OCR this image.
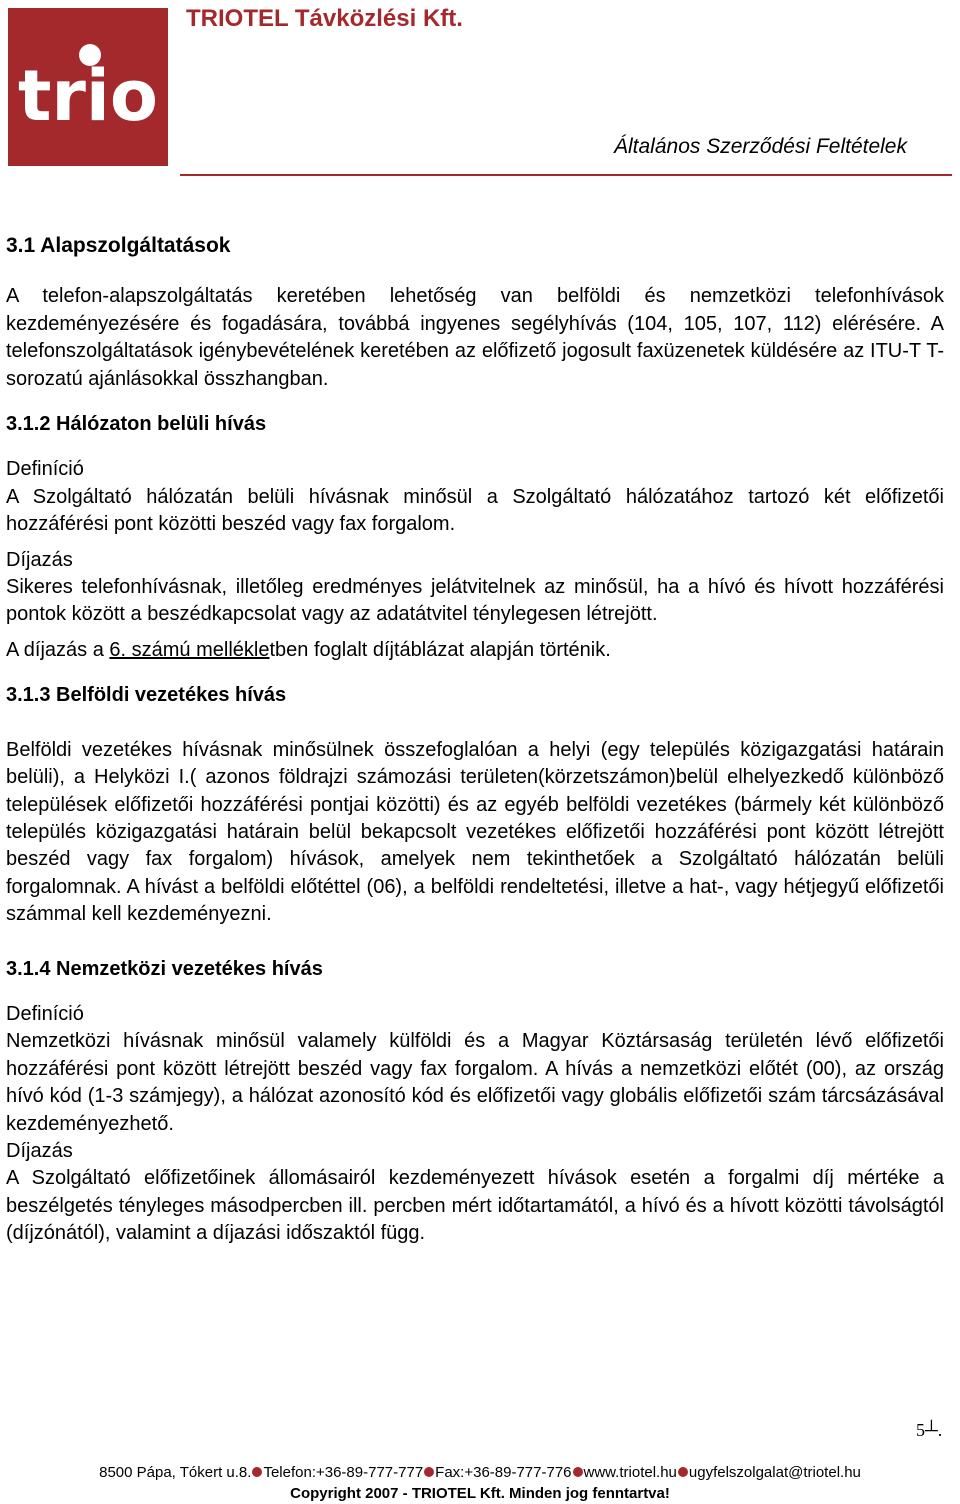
trio
TRIOTEL Távközlési Kft.
Általános Szerződési Feltételek

3.1 Alapszolgáltatások

A telefon-alapszolgáltatás keretében lehetőség van belföldi és nemzetközi telefonhívások kezdeményezésére és fogadására, továbbá ingyenes segélyhívás (104, 105, 107, 112) elérésére. A telefonszolgáltatások igénybevételének keretében az előfizető jogosult faxüzenetek küldésére az ITU-T T-sorozatú ajánlásokkal összhangban.

3.1.2 Hálózaton belüli hívás

Definíció

A Szolgáltató hálózatán belüli hívásnak minősül a Szolgáltató hálózatához tartozó két előfizetői hozzáférési pont közötti beszéd vagy fax forgalom.

Díjazás

Sikeres telefonhívásnak, illetőleg eredményes jelátvitelnek az minősül, ha a hívó és hívott hozzáférési pontok között a beszédkapcsolat vagy az adatátvitel ténylegesen létrejött.

A díjazás a 6. számú mellékletben foglalt díjtáblázat alapján történik.

3.1.3 Belföldi vezetékes hívás

Belföldi vezetékes hívásnak minősülnek összefoglalóan a helyi (egy település közigazgatási határain belüli), a Helyközi I.( azonos földrajzi számozási területen(körzetszámon)belül elhelyezkedő különböző települések előfizetői hozzáférési pontjai közötti) és az egyéb belföldi vezetékes (bármely két különböző település közigazgatási határain belül bekapcsolt vezetékes előfizetői hozzáférési pont között létrejött beszéd vagy fax forgalom) hívások, amelyek nem tekinthetőek a Szolgáltató hálózatán belüli forgalomnak. A hívást a belföldi előtéttel (06), a belföldi rendeltetési, illetve a hat-, vagy hétjegyű előfizetői számmal kell kezdeményezni.

3.1.4 Nemzetközi vezetékes hívás

Definíció

Nemzetközi hívásnak minősül valamely külföldi és a Magyar Köztársaság területén lévő előfizetői hozzáférési pont között létrejött beszéd vagy fax forgalom. A hívás a nemzetközi előtét (00), az ország hívó kód (1-3 számjegy), a hálózat azonosító kód és előfizetői vagy globális előfizetői szám tárcsázásával kezdeményezhető.

Díjazás

A Szolgáltató előfizetőinek állomásairól kezdeményezett hívások esetén a forgalmi díj mértéke a beszélgetés tényleges másodpercben ill. percben mért időtartamától, a hívó és a hívott közötti távolságtól (díjzónától), valamint a díjazási időszaktól függ.

5┴.
8500 Pápa, Tókert u.8. Telefon:+36-89-777-777 Fax:+36-89-777-776 www.triotel.hu ugyfelszolgalat@triotel.hu
Copyright 2007 - TRIOTEL Kft. Minden jog fenntartva!
